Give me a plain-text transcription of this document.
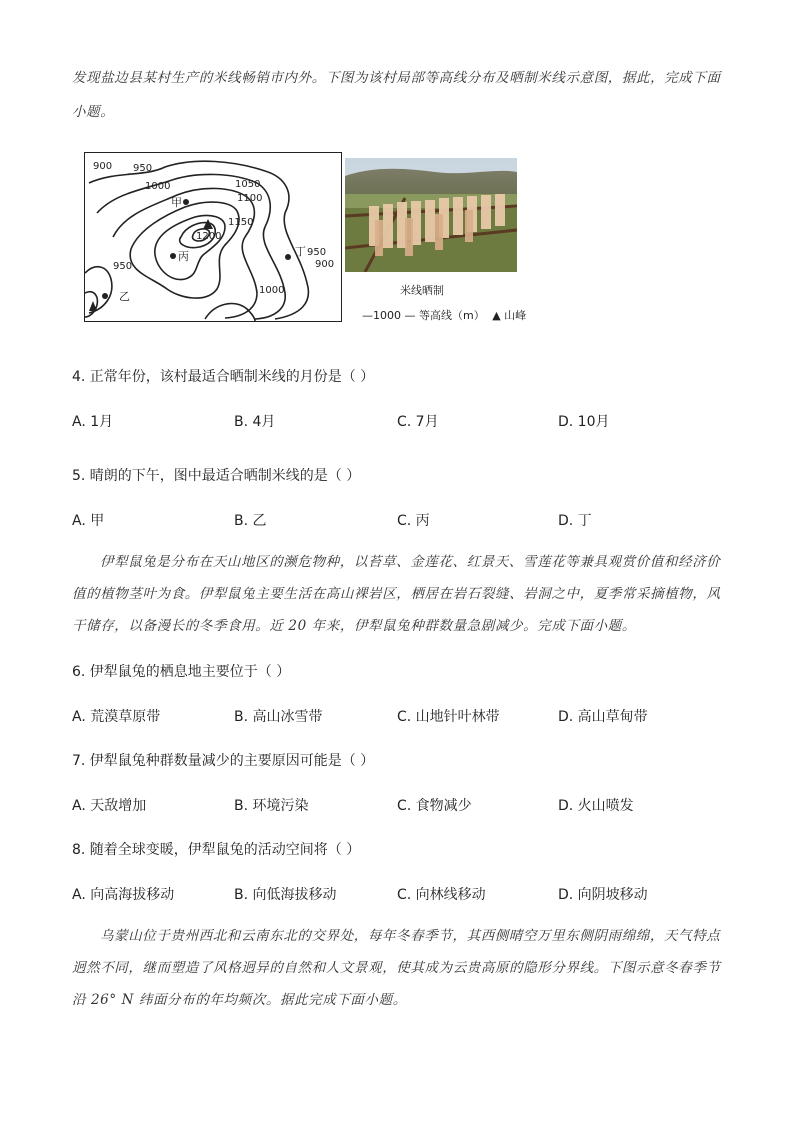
发现盐边县某村生产的米线畅销市内外。下图为该村局部等高线分布及晒制米线示意图，据此，完成下面
小题。
900 950
1000	1050
1100
1150
1200
950
900
950
1000
甲
乙
丙	丁
米线晒制
—1000 — 等高线（m） ▲ 山峰
4. 正常年份，该村最适合晒制米线的月份是（ ）
A. 1月	B. 4月	C. 7月	D. 10月
5. 晴朗的下午，图中最适合晒制米线的是（ ）
A. 甲	B. 乙	C. 丙	D. 丁
伊犁鼠兔是分布在天山地区的濒危物种，以苔草、金莲花、红景天、雪莲花等兼具观赏价值和经济价
值的植物茎叶为食。伊犁鼠兔主要生活在高山裸岩区，栖居在岩石裂缝、岩洞之中，夏季常采摘植物，风
干储存，以备漫长的冬季食用。近 20 年来，伊犁鼠兔种群数量急剧减少。完成下面小题。
6. 伊犁鼠兔的栖息地主要位于（ ）
A. 荒漠草原带	B. 高山冰雪带	C. 山地针叶林带	D. 高山草甸带
7. 伊犁鼠兔种群数量减少的主要原因可能是（ ）
A. 天敌增加	B. 环境污染	C. 食物减少	D. 火山喷发
8. 随着全球变暖，伊犁鼠兔的活动空间将（ ）
A. 向高海拔移动	B. 向低海拔移动	C. 向林线移动	D. 向阴坡移动
乌蒙山位于贵州西北和云南东北的交界处，每年冬春季节，其西侧晴空万里东侧阴雨绵绵，天气特点
迥然不同，继而塑造了风格迥异的自然和人文景观，使其成为云贵高原的隐形分界线。下图示意冬春季节
沿 26° N 纬面分布的年均频次。据此完成下面小题。
